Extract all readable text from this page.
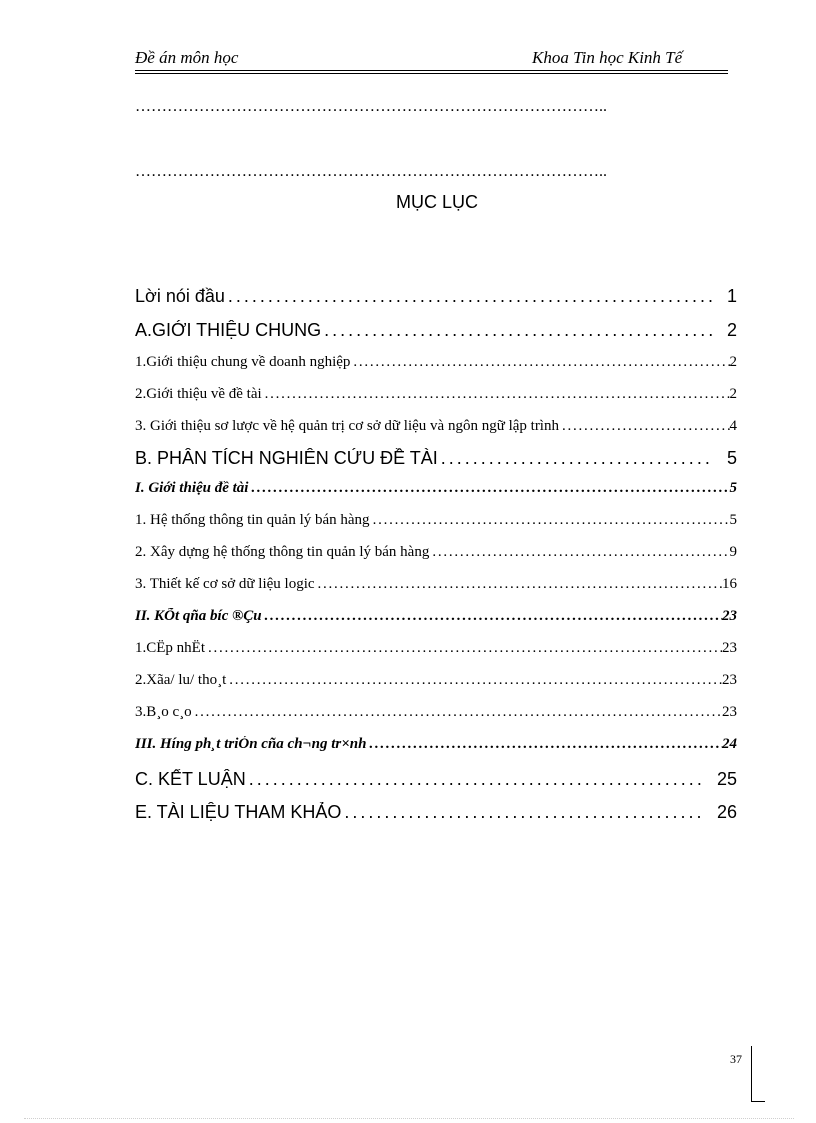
Đề án môn học	Khoa Tin học Kinh Tế
……………………………………………………………………………..
……………………………………………………………………………..
MỤC LỤC
Lời nói đầu . . .	1
A.GIỚI THIỆU CHUNG . . .	2
1.Giới thiệu chung về doanh nghiệp . . .	2
2.Giới thiệu về đề tài . . .	2
3. Giới thiệu sơ lược về hệ quản trị cơ sở dữ liệu và ngôn ngữ lập trình . . .	4
B. PHÂN TÍCH NGHIÊN CỨU ĐỀ TÀI . . .	5
I. Giới thiệu đề tài . . .	5
1. Hệ thống thông tin quản lý bán hàng . . .	5
2. Xây dựng hệ thống thông tin quản lý bán hàng . . .	9
3. Thiết kế cơ sở dữ liệu logic . . .	16
II. KÕt qña bíc ®Çu . . .	23
1.CËp nhËt . . .	23
2.Xãa/ lu/ tho¸t . . .	23
3.B¸o c¸o . . .	23
III. Híng ph¸t triÓn cña ch¬ng tr×nh . . .	24
C. KẾT LUẬN . . .	25
E. TÀI LIỆU THAM KHẢO . . .	26
37
